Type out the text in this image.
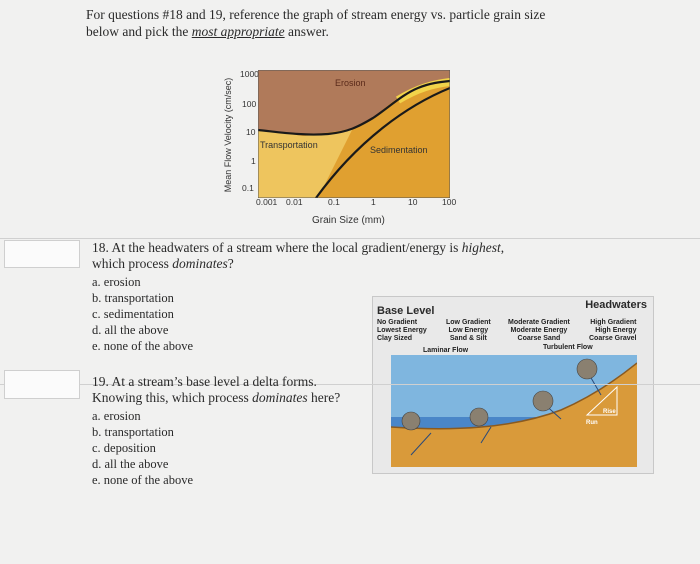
For questions #18 and 19, reference the graph of stream energy vs. particle grain size
below and pick the most appropriate answer.
Mean Flow Velocity (cm/sec)
1000
100
10
1
0.1
Erosion
Transportation	Sedimentation
0.001 0.01	0.1	1	10	100
Grain Size (mm)
18. At the headwaters of a stream where the local gradient/energy is highest,
which process dominates?
a. erosion
b. transportation
c. sedimentation
d. all the above
e. none of the above
Base Level	Headwaters
No Gradient
Lowest Energy
Clay Sized
Low Gradient
Low Energy
Sand & Silt
Moderate Gradient
Moderate Energy
Coarse Sand
High Gradient
High Energy
Coarse Gravel
Laminar Flow	Turbulent Flow
Rise
Run
19. At a stream’s base level a delta forms.
Knowing this, which process dominates here?
a. erosion
b. transportation
c. deposition
d. all the above
e. none of the above
